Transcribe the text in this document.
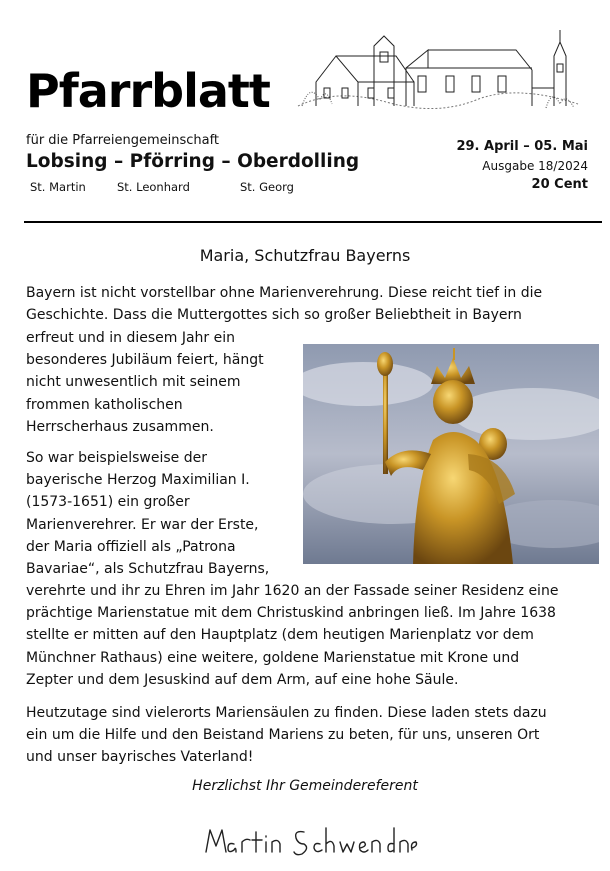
Pfarrblatt
für die Pfarreiengemeinschaft
Lobsing – Pförring – Oberdolling
St. Martin	St. Leonhard	St. Georg
29. April – 05. Mai
Ausgabe 18/2024
20 Cent
Maria, Schutzfrau Bayerns

Bayern ist nicht vorstellbar ohne Marienverehrung. Diese reicht tief in die
Geschichte. Dass die Muttergottes sich so großer Beliebtheit in Bayern

erfreut und in diesem Jahr ein
besonderes Jubiläum feiert, hängt
nicht unwesentlich mit seinem
frommen katholischen
Herrscherhaus zusammen.

So war beispielsweise der
bayerische Herzog Maximilian I.
(1573-1651) ein großer
Marienverehrer. Er war der Erste,
der Maria offiziell als „Patrona
Bavariae“, als Schutzfrau Bayerns,

verehrte und ihr zu Ehren im Jahr 1620 an der Fassade seiner Residenz eine
prächtige Marienstatue mit dem Christuskind anbringen ließ. Im Jahre 1638
stellte er mitten auf den Hauptplatz (dem heutigen Marienplatz vor dem
Münchner Rathaus) eine weitere, goldene Marienstatue mit Krone und
Zepter und dem Jesuskind auf dem Arm, auf eine hohe Säule.

Heutzutage sind vielerorts Mariensäulen zu finden. Diese laden stets dazu
ein um die Hilfe und den Beistand Mariens zu beten, für uns, unseren Ort
und unser bayrisches Vaterland!

Herzlichst Ihr Gemeindereferent
